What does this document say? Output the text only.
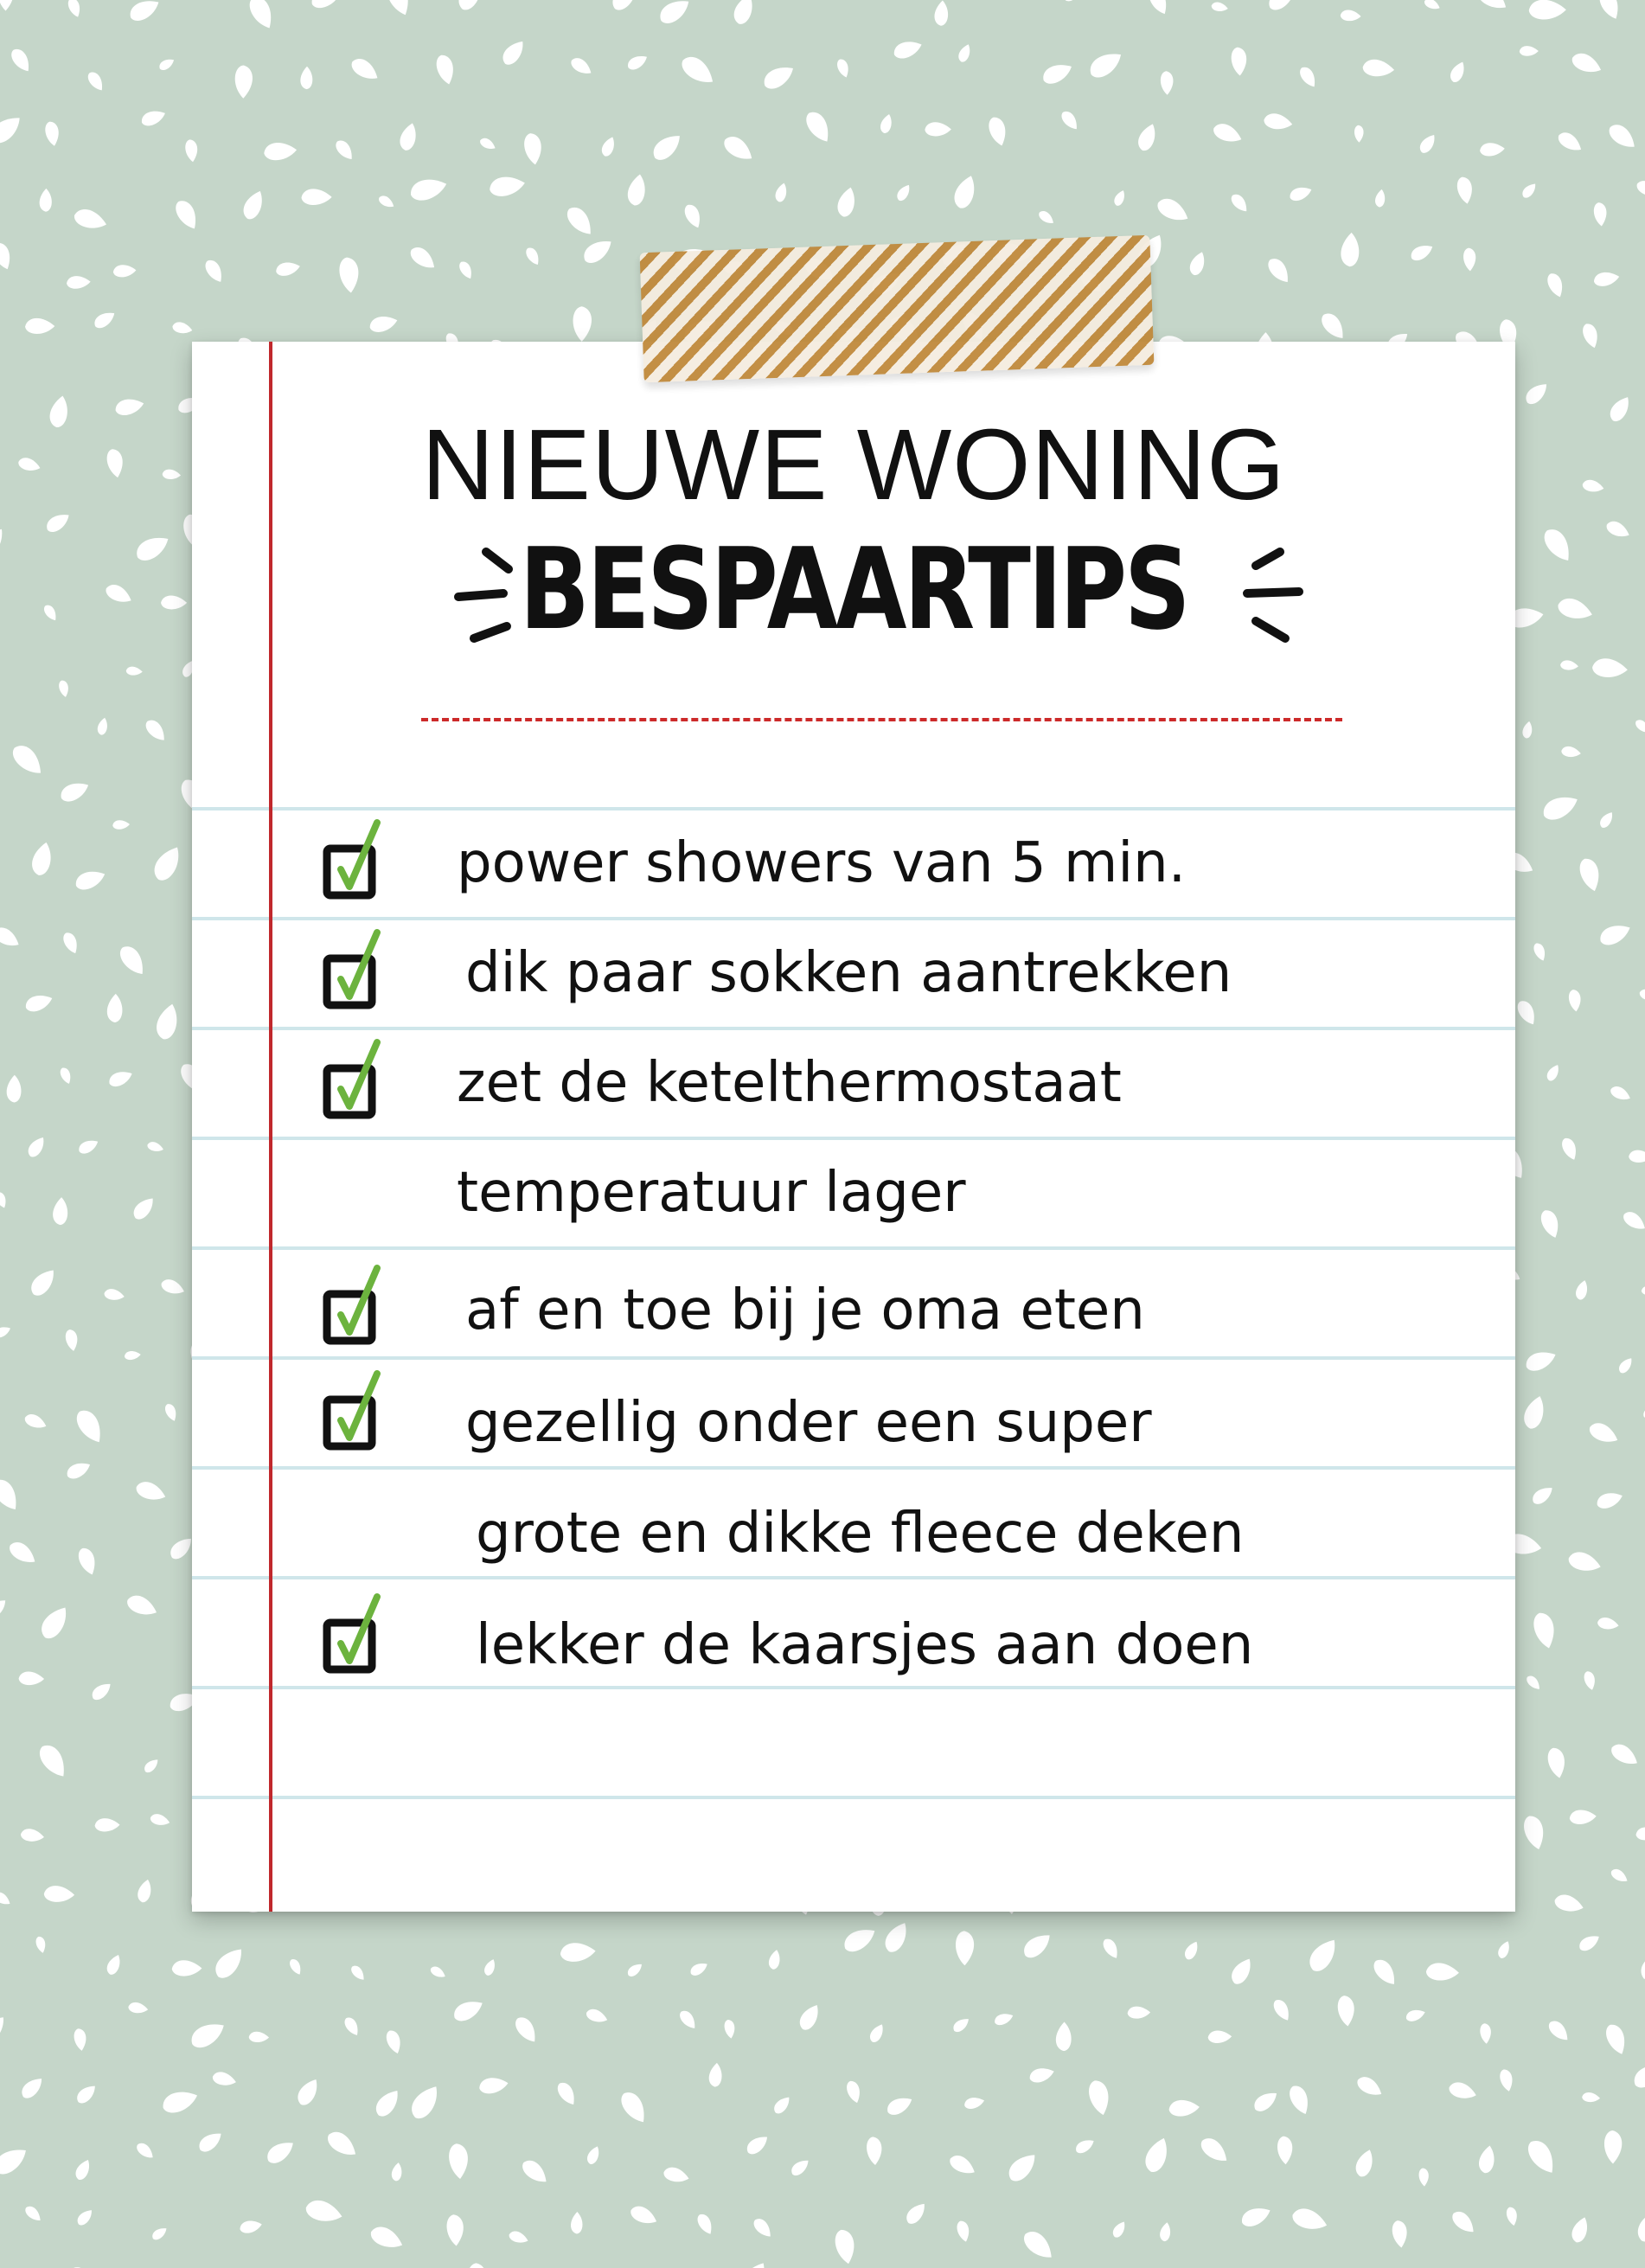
NIEUWE WONING
BESPAARTIPS
power showers van 5 min.
dik paar sokken aantrekken
zet de ketelthermostaat
temperatuur lager
af en toe bij je oma eten
gezellig onder een super
grote en dikke fleece deken
lekker de kaarsjes aan doen
